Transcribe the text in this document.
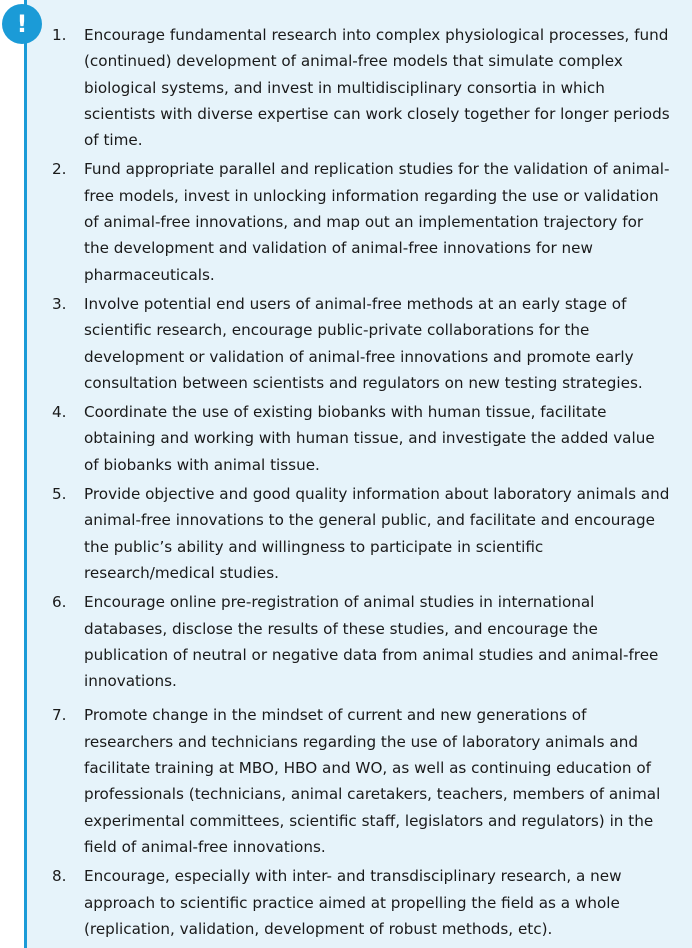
!	1. Encourage fundamental research into complex physiological processes, fund (continued) development of animal-free models that simulate complex biological systems, and invest in multidisciplinary consortia in which scientists with diverse expertise can work closely together for longer periods of time.
2. Fund appropriate parallel and replication studies for the validation of animal-free models, invest in unlocking information regarding the use or validation of animal-free innovations, and map out an implementation trajectory for the development and validation of animal-free innovations for new pharmaceuticals.
3. Involve potential end users of animal-free methods at an early stage of scientific research, encourage public-private collaborations for the development or validation of animal-free innovations and promote early consultation between scientists and regulators on new testing strategies.
4. Coordinate the use of existing biobanks with human tissue, facilitate obtaining and working with human tissue, and investigate the added value of biobanks with animal tissue.
5. Provide objective and good quality information about laboratory animals and animal-free innovations to the general public, and facilitate and encourage the public’s ability and willingness to participate in scientific research/medical studies.
6. Encourage online pre-registration of animal studies in international databases, disclose the results of these studies, and encourage the publication of neutral or negative data from animal studies and animal-free innovations.
7. Promote change in the mindset of current and new generations of researchers and technicians regarding the use of laboratory animals and facilitate training at MBO, HBO and WO, as well as continuing education of professionals (technicians, animal caretakers, teachers, members of animal experimental committees, scientific staff, legislators and regulators) in the field of animal-free innovations.
8. Encourage, especially with inter- and transdisciplinary research, a new approach to scientific practice aimed at propelling the field as a whole (replication, validation, development of robust methods, etc).
